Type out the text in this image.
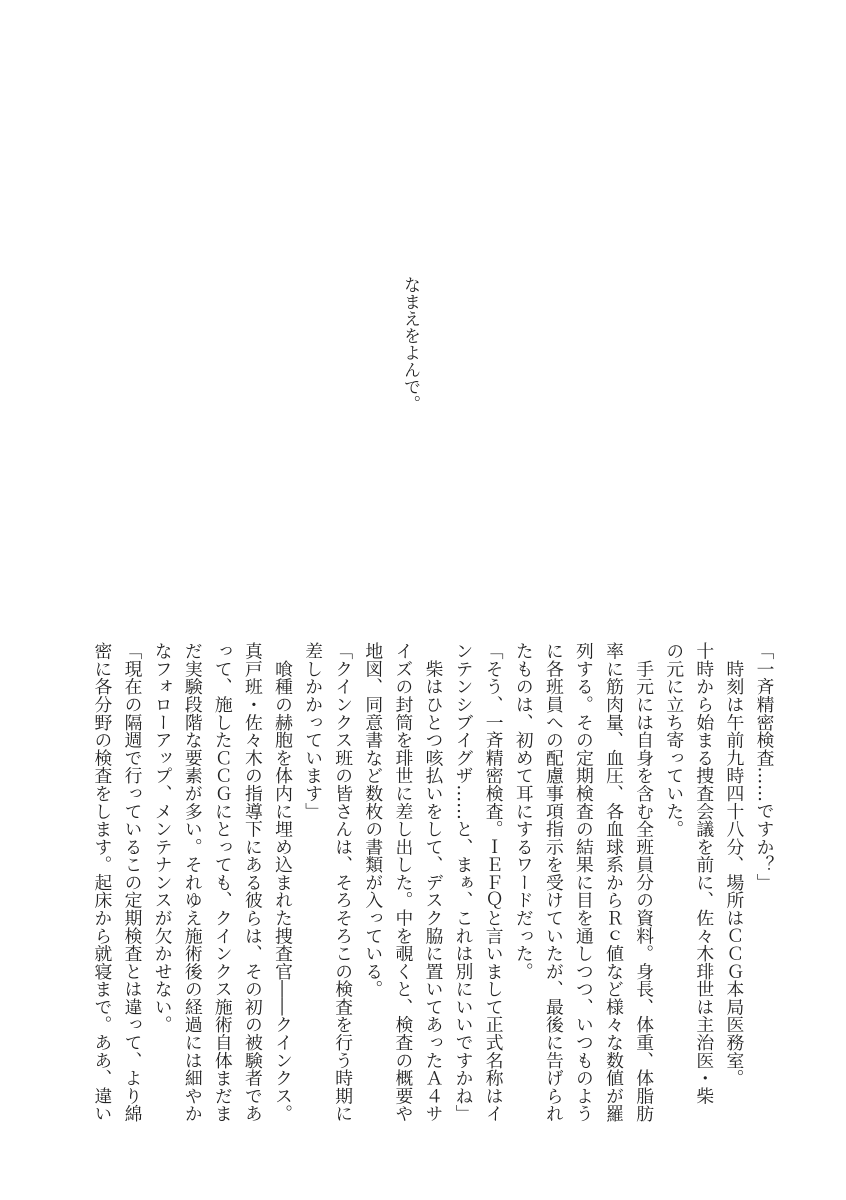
なまえをよんで。
「一斉精密検査……ですか？」
　時刻は午前九時四十八分、場所はＣＣＧ本局医務室。
十時から始まる捜査会議を前に、佐々木琲世は主治医・柴
の元に立ち寄っていた。
　手元には自身を含む全班員分の資料。身長、体重、体脂肪
率に筋肉量、血圧、各血球系からＲｃ値など様々な数値が羅
列する。その定期検査の結果に目を通しつつ、いつものよう
に各班員への配慮事項指示を受けていたが、最後に告げられ
たものは、初めて耳にするワードだった。
「そう、一斉精密検査。ＩＥＦＱと言いまして正式名称はイ
ンテンシブイグザ……と、まぁ、これは別にいいですかね」
　柴はひとつ咳払いをして、デスク脇に置いてあったＡ４サ
イズの封筒を琲世に差し出した。中を覗くと、検査の概要や
地図、同意書など数枚の書類が入っている。
「クインクス班の皆さんは、そろそろこの検査を行う時期に
差しかかっています」
　喰種の赫胞を体内に埋め込まれた捜査官――クインクス。
真戸班・佐々木の指導下にある彼らは、その初の被験者であ
って、施したＣＣＧにとっても、クインクス施術自体まだま
だ実験段階な要素が多い。それゆえ施術後の経過には細やか
なフォローアップ、メンテナンスが欠かせない。
「現在の隔週で行っているこの定期検査とは違って、より綿
密に各分野の検査をします。起床から就寝まで。ああ、違い
